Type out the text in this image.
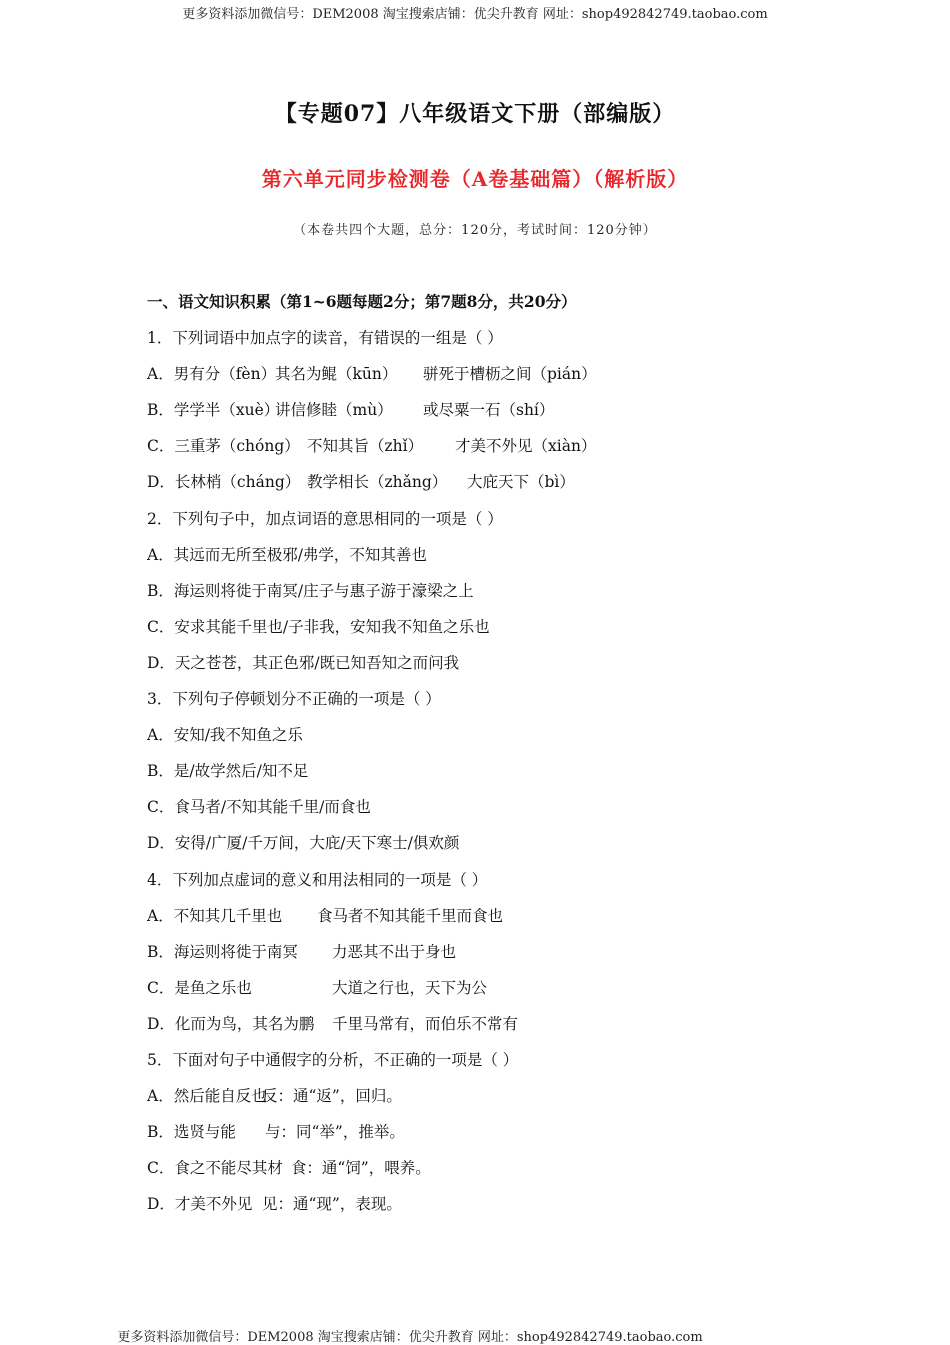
更多资料添加微信号：DEM2008 淘宝搜索店铺：优尖升教育 网址：shop492842749.taobao.com
【专题07】八年级语文下册（部编版）
第六单元同步检测卷（A卷基础篇）（解析版）
（本卷共四个大题，总分：120分，考试时间：120分钟）
一、语文知识积累（第1~6题每题2分；第7题8分，共20分）
1．下列词语中加点字的读音，有错误的一组是（ ）
A．男有分（fèn）其名为鲲（kūn） 骈死于槽枥之间（pián）
B．学学半（xuè）讲信修睦（mù） 或尽粟一石（shí）
C．三重茅（chóng） 不知其旨（zhǐ） 才美不外见（xiàn）
D．长林梢（cháng） 教学相长（zhǎng） 大庇天下（bì）
2．下列句子中，加点词语的意思相同的一项是（ ）
A．其远而无所至极邪/弗学，不知其善也
B．海运则将徙于南冥/庄子与惠子游于濠梁之上
C．安求其能千里也/子非我，安知我不知鱼之乐也
D．天之苍苍，其正色邪/既已知吾知之而问我
3．下列句子停顿划分不正确的一项是（ ）
A．安知/我不知鱼之乐
B．是/故学然后/知不足
C．食马者/不知其能千里/而食也
D．安得/广厦/千万间，大庇/天下寒士/俱欢颜
4．下列加点虚词的意义和用法相同的一项是（ ）
A．不知其几千里也 食马者不知其能千里而食也
B．海运则将徙于南冥 力恶其不出于身也
C．是鱼之乐也	大道之行也，天下为公
D．化而为鸟，其名为鹏 千里马常有，而伯乐不常有
5．下面对句子中通假字的分析，不正确的一项是（ ）
A．然后能自反也反：通“返”，回归。
B．选贤与能 与：同“举”，推举。
C．食之不能尽其材 食：通“饲”，喂养。
D．才美不外见 见：通“现”，表现。
更多资料添加微信号：DEM2008 淘宝搜索店铺：优尖升教育 网址：shop492842749.taobao.com
